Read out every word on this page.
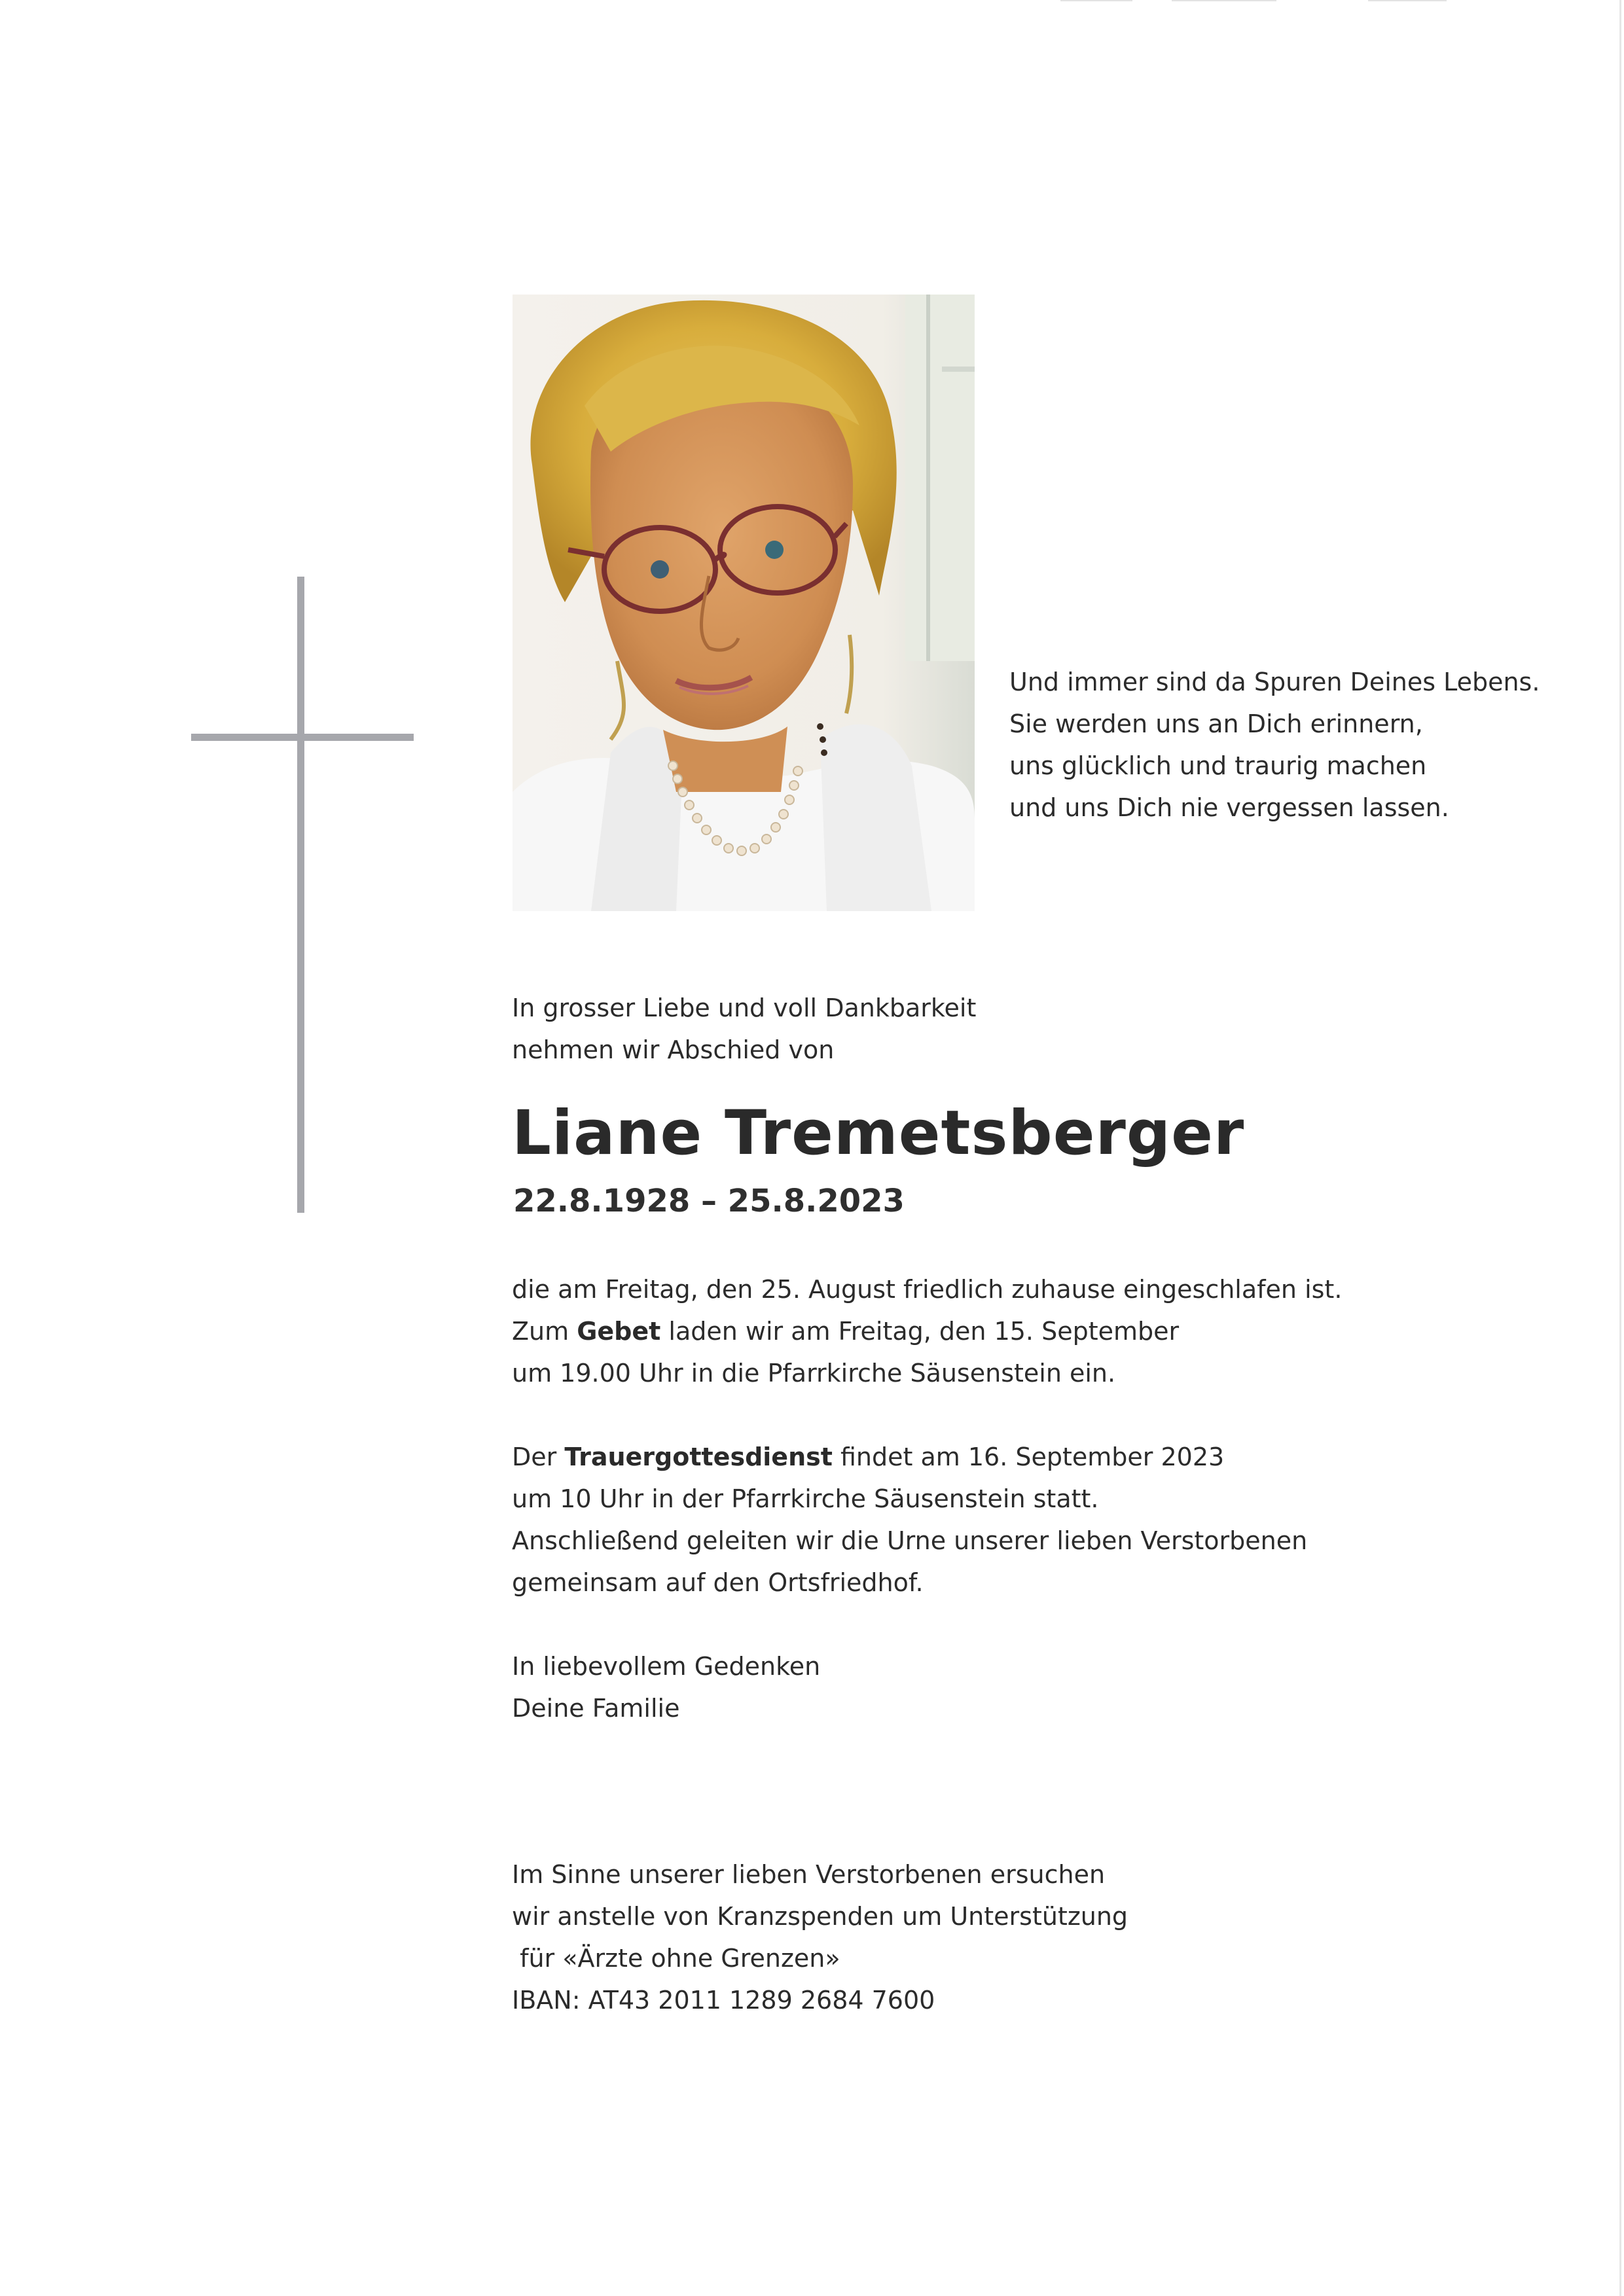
Und immer sind da Spuren Deines Lebens.
Sie werden uns an Dich erinnern,
uns glücklich und traurig machen
und uns Dich nie vergessen lassen.
In grosser Liebe und voll Dankbarkeit
nehmen wir Abschied von
Liane Tremetsberger
22.8.1928 – 25.8.2023
die am Freitag, den 25. August friedlich zuhause eingeschlafen ist.
Zum Gebet laden wir am Freitag, den 15. September
um 19.00 Uhr in die Pfarrkirche Säusenstein ein.
Der Trauergottesdienst findet am 16. September 2023
um 10 Uhr in der Pfarrkirche Säusenstein statt.
Anschließend geleiten wir die Urne unserer lieben Verstorbenen
gemeinsam auf den Ortsfriedhof.
In liebevollem Gedenken
Deine Familie
Im Sinne unserer lieben Verstorbenen ersuchen
wir anstelle von Kranzspenden um Unterstützung
für «Ärzte ohne Grenzen»
IBAN: AT43 2011 1289 2684 7600
